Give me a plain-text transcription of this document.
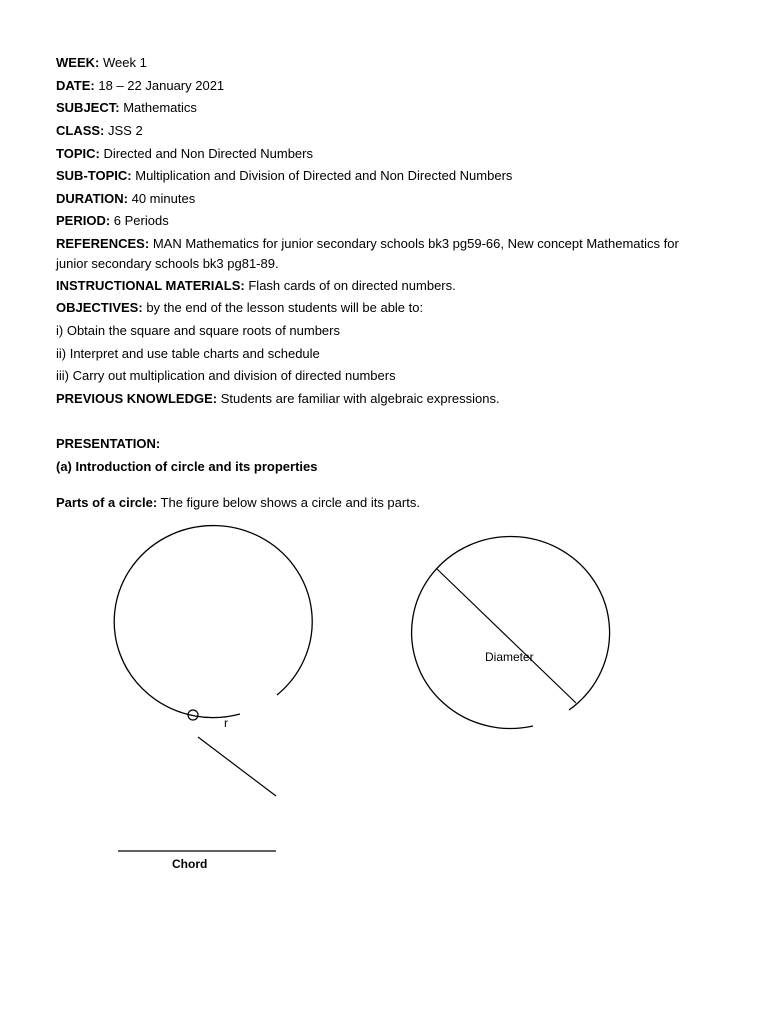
WEEK: Week 1
DATE: 18 – 22 January 2021
SUBJECT: Mathematics
CLASS: JSS 2
TOPIC: Directed and Non Directed Numbers
SUB-TOPIC: Multiplication and Division of Directed and Non Directed Numbers
DURATION: 40 minutes
PERIOD: 6 Periods
REFERENCES: MAN Mathematics for junior secondary schools bk3 pg59-66, New concept Mathematics for junior secondary schools bk3 pg81-89.
INSTRUCTIONAL MATERIALS: Flash cards of on directed numbers.
OBJECTIVES: by the end of the lesson students will be able to:
i) Obtain the square and square roots of numbers
ii) Interpret and use table charts and schedule
iii) Carry out multiplication and division of directed numbers
PREVIOUS KNOWLEDGE: Students are familiar with algebraic expressions.
PRESENTATION:
(a) Introduction of circle and its properties
Parts of a circle: The figure below shows a circle and its parts.
r
Diameter
Chord
